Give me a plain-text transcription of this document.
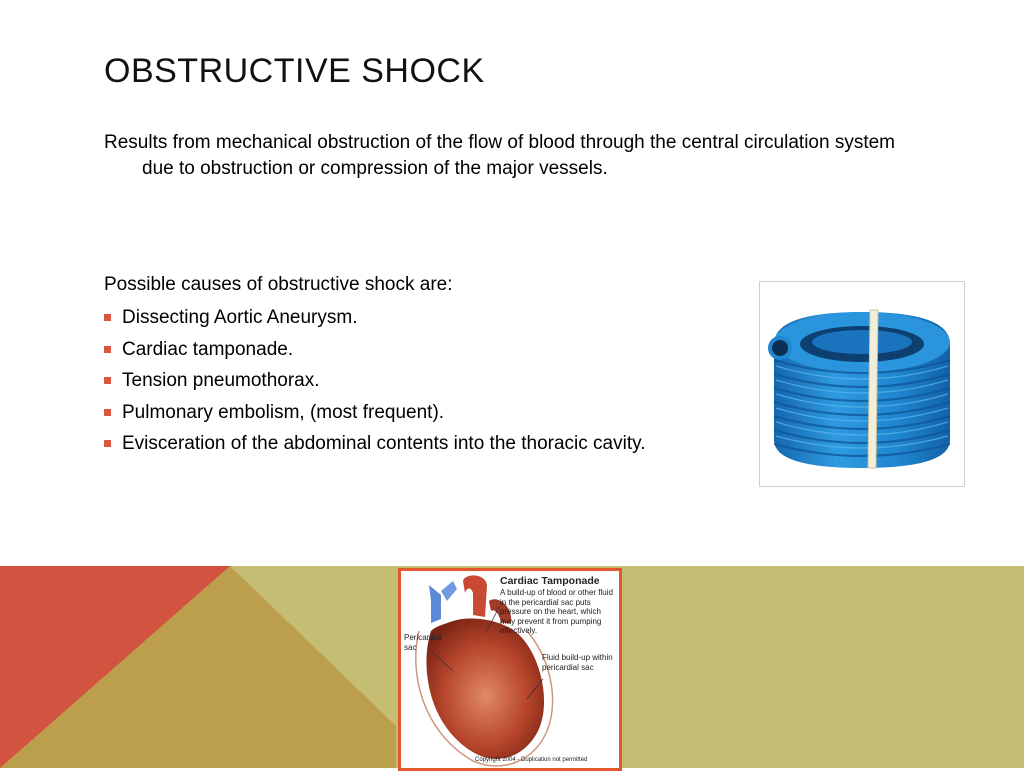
OBSTRUCTIVE SHOCK
Results from mechanical obstruction of the flow of blood through the central circulation system due to obstruction or compression of the major vessels.
Possible causes of obstructive shock are:
Dissecting Aortic Aneurysm.
Cardiac tamponade.
Tension pneumothorax.
Pulmonary embolism, (most frequent).
Evisceration of the abdominal contents into the thoracic cavity.
Cardiac Tamponade
A build-up of blood or other fluid in the pericardial sac puts pressure on the heart, which may prevent it from pumping effectively.
Pericardial sac
Fluid build-up within pericardial sac
Copyright 2004 - Duplication not permitted
